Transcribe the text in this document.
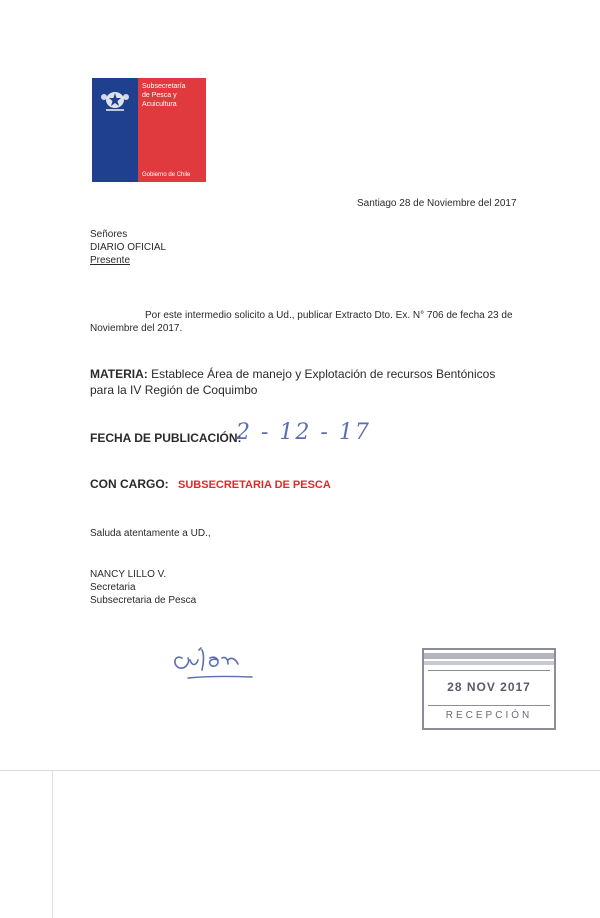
Subsecretaría
de Pesca y
Acuicultura
Gobierno de Chile
Santiago 28 de Noviembre del 2017
Señores
DIARIO OFICIAL
Presente
Por este intermedio solicito a Ud., publicar Extracto Dto. Ex. N° 706 de fecha 23 de
Noviembre del 2017.
MATERIA: Establece Área de manejo y Explotación de recursos Bentónicos
para la IV Región de Coquimbo
FECHA DE PUBLICACIÓN:
2 - 12 - 17
CON CARGO: SUBSECRETARIA DE PESCA
Saluda atentamente a UD.,
NANCY LILLO V.
Secretaria
Subsecretaria de Pesca
28 NOV 2017
RECEPCIÓN
